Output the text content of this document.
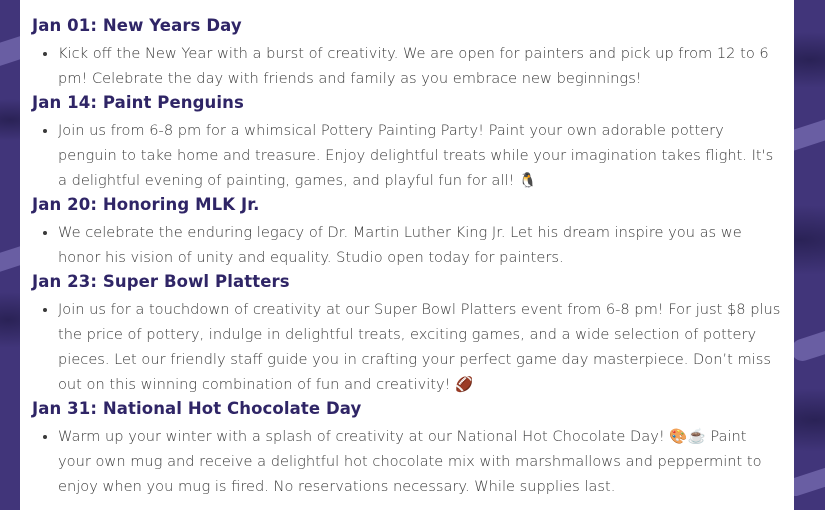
Jan 01: New Years Day
• Kick off the New Year with a burst of creativity. We are open for painters and pick up from 12 to 6 pm! Celebrate the day with friends and family as you embrace new beginnings!
Jan 14: Paint Penguins
• Join us from 6-8 pm for a whimsical Pottery Painting Party! Paint your own adorable pottery penguin to take home and treasure. Enjoy delightful treats while your imagination takes flight. It's a delightful evening of painting, games, and playful fun for all! 🐧
Jan 20: Honoring MLK Jr.
• We celebrate the enduring legacy of Dr. Martin Luther King Jr. Let his dream inspire you as we honor his vision of unity and equality. Studio open today for painters.
Jan 23: Super Bowl Platters
• Join us for a touchdown of creativity at our Super Bowl Platters event from 6-8 pm! For just $8 plus the price of pottery, indulge in delightful treats, exciting games, and a wide selection of pottery pieces. Let our friendly staff guide you in crafting your perfect game day masterpiece. Don’t miss out on this winning combination of fun and creativity! 🏈
Jan 31: National Hot Chocolate Day
• Warm up your winter with a splash of creativity at our National Hot Chocolate Day! 🎨☕ Paint your own mug and receive a delightful hot chocolate mix with marshmallows and peppermint to enjoy when you mug is fired. No reservations necessary. While supplies last.
